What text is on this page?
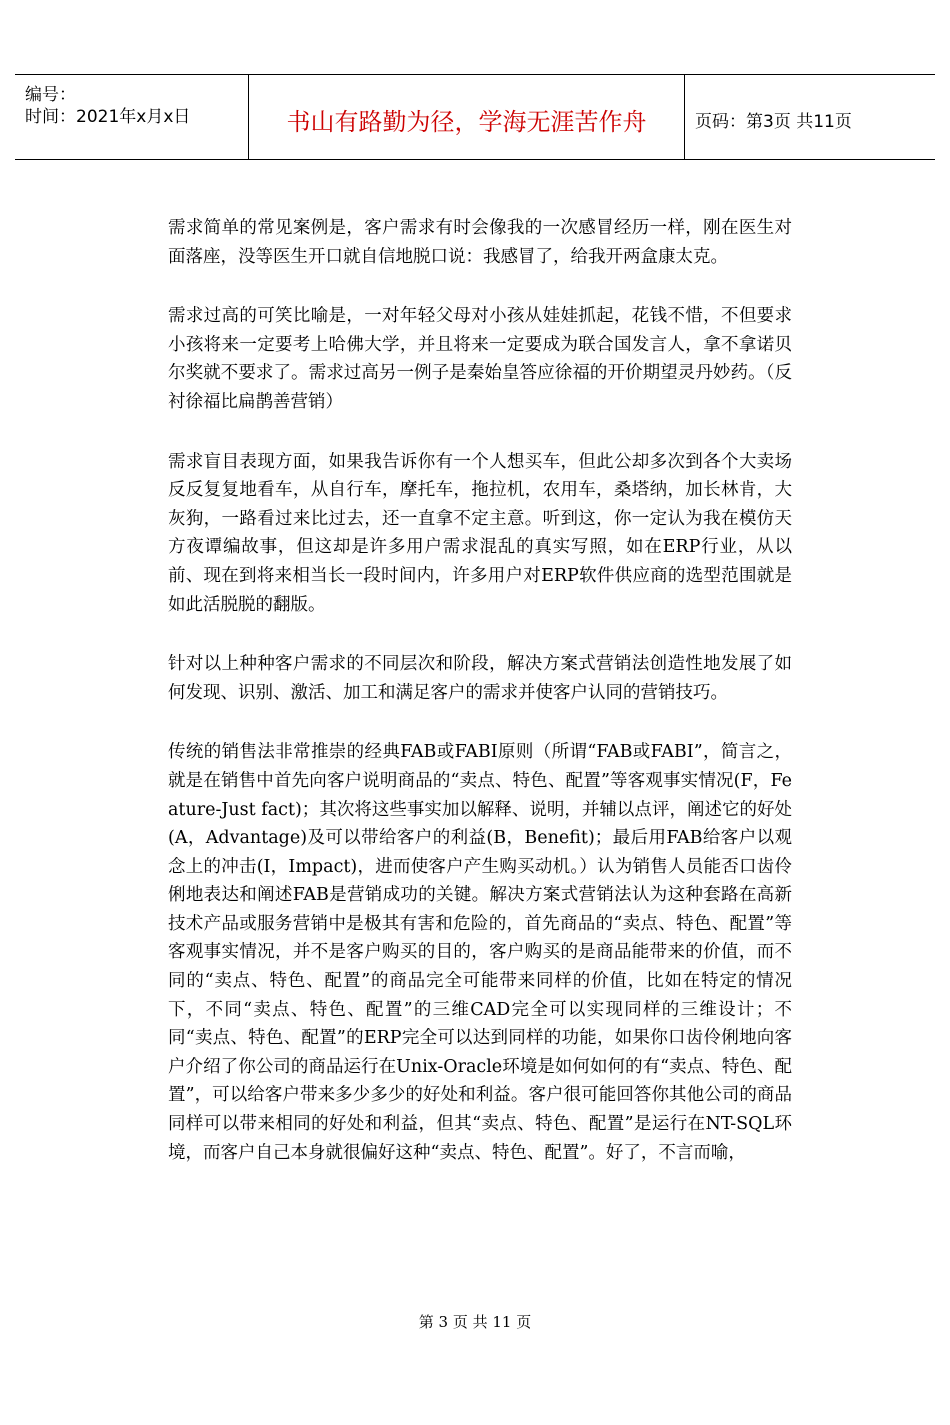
编号：
时间：2021年x月x日	书山有路勤为径，学海无涯苦作舟	页码：第3页 共11页

需求简单的常见案例是，客户需求有时会像我的一次感冒经历一样，刚在医生对面落座，没等医生开口就自信地脱口说：我感冒了，给我开两盒康太克。

需求过高的可笑比喻是，一对年轻父母对小孩从娃娃抓起，花钱不惜，不但要求小孩将来一定要考上哈佛大学，并且将来一定要成为联合国发言人，拿不拿诺贝尔奖就不要求了。需求过高另一例子是秦始皇答应徐福的开价期望灵丹妙药。（反衬徐福比扁鹊善营销）

需求盲目表现方面，如果我告诉你有一个人想买车，但此公却多次到各个大卖场反反复复地看车，从自行车，摩托车，拖拉机，农用车，桑塔纳，加长林肯，大灰狗，一路看过来比过去，还一直拿不定主意。听到这，你一定认为我在模仿天方夜谭编故事，但这却是许多用户需求混乱的真实写照，如在ERP行业，从以前、现在到将来相当长一段时间内，许多用户对ERP软件供应商的选型范围就是如此活脱脱的翻版。

针对以上种种客户需求的不同层次和阶段，解决方案式营销法创造性地发展了如何发现、识别、激活、加工和满足客户的需求并使客户认同的营销技巧。

传统的销售法非常推崇的经典FAB或FABI原则（所谓“FAB或FABI”，简言之，就是在销售中首先向客户说明商品的“卖点、特色、配置”等客观事实情况(F，Feature-Just fact)；其次将这些事实加以解释、说明，并辅以点评，阐述它的好处(A，Advantage)及可以带给客户的利益(B，Benefit)；最后用FAB给客户以观念上的冲击(I，Impact)，进而使客户产生购买动机。）认为销售人员能否口齿伶俐地表达和阐述FAB是营销成功的关键。解决方案式营销法认为这种套路在高新技术产品或服务营销中是极其有害和危险的，首先商品的“卖点、特色、配置”等客观事实情况，并不是客户购买的目的，客户购买的是商品能带来的价值，而不同的“卖点、特色、配置”的商品完全可能带来同样的价值，比如在特定的情况下，不同“卖点、特色、配置”的三维CAD完全可以实现同样的三维设计；不同“卖点、特色、配置”的ERP完全可以达到同样的功能，如果你口齿伶俐地向客户介绍了你公司的商品运行在Unix-Oracle环境是如何如何的有“卖点、特色、配置”，可以给客户带来多少多少的好处和利益。客户很可能回答你其他公司的商品同样可以带来相同的好处和利益，但其“卖点、特色、配置”是运行在NT-SQL环境，而客户自己本身就很偏好这种“卖点、特色、配置”。好了，不言而喻，

第 3 页 共 11 页
